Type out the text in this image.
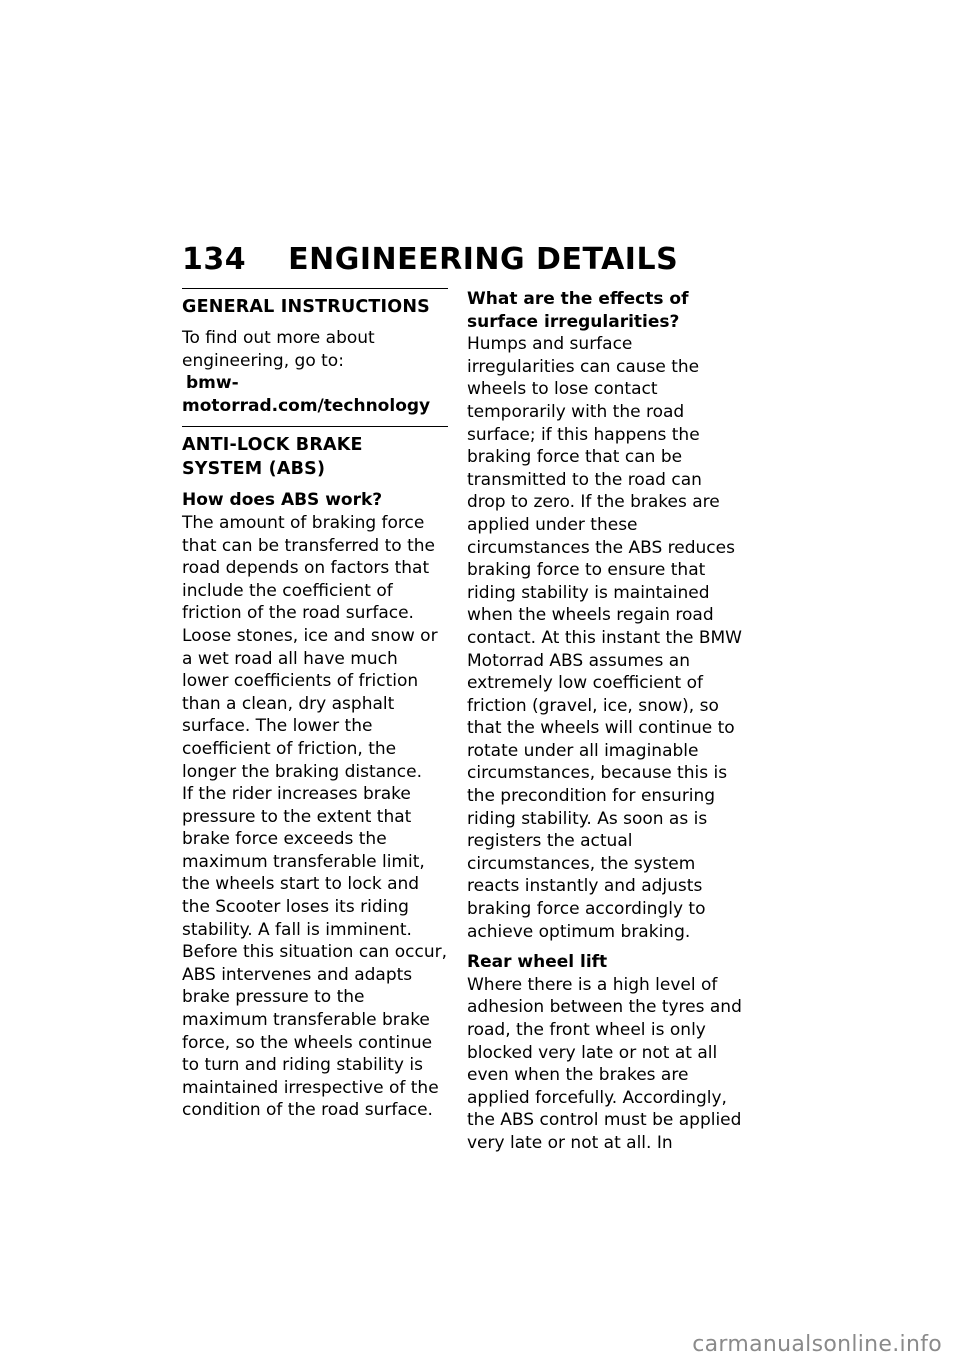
134 ENGINEERING DETAILS
GENERAL INSTRUCTIONS

To find out more about engineering, go to:

bmw-motorrad.com/technology

ANTI-LOCK BRAKE SYSTEM (ABS)

How does ABS work?

The amount of braking force that can be transferred to the road depends on factors that include the coefficient of friction of the road surface. Loose stones, ice and snow or a wet road all have much lower coefficients of friction than a clean, dry asphalt surface. The lower the coefficient of friction, the longer the braking distance.

If the rider increases brake pressure to the extent that brake force exceeds the maximum transferable limit, the wheels start to lock and the Scooter loses its riding stability. A fall is imminent. Before this situation can occur, ABS intervenes and adapts brake pressure to the maximum transferable brake force, so the wheels continue to turn and riding stability is maintained irrespective of the condition of the road surface.

What are the effects of surface irregularities?

Humps and surface irregularities can cause the wheels to lose contact temporarily with the road surface; if this happens the braking force that can be transmitted to the road can drop to zero. If the brakes are applied under these circumstances the ABS reduces braking force to ensure that riding stability is maintained when the wheels regain road contact. At this instant the BMW Motorrad ABS assumes an extremely low coefficient of friction (gravel, ice, snow), so that the wheels will continue to rotate under all imaginable circumstances, because this is the precondition for ensuring riding stability. As soon as is registers the actual circumstances, the system reacts instantly and adjusts braking force accordingly to achieve optimum braking.

Rear wheel lift

Where there is a high level of adhesion between the tyres and road, the front wheel is only blocked very late or not at all even when the brakes are applied forcefully. Accordingly, the ABS control must be applied very late or not at all. In

carmanualsonline.info
